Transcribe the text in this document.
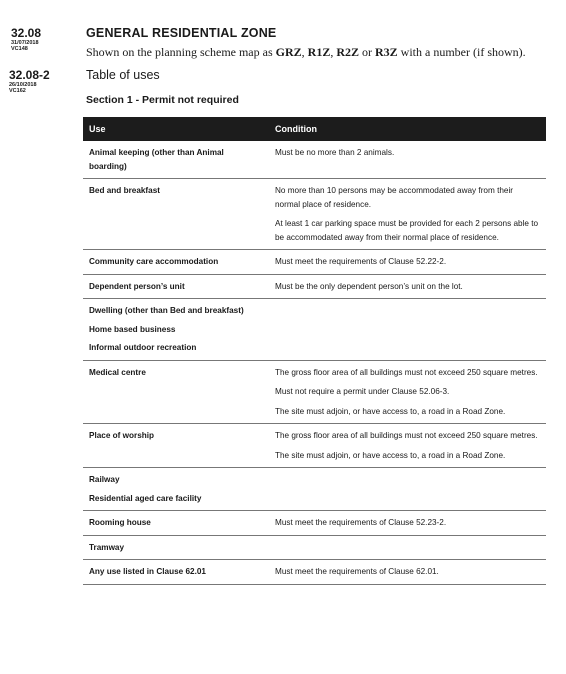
32.08
31/07/2018
VC148
32.08-2
26/10/2018
VC162
GENERAL RESIDENTIAL ZONE
Shown on the planning scheme map as GRZ, R1Z, R2Z or R3Z with a number (if shown).
Table of uses
Section 1 - Permit not required
Use	Condition
Animal keeping (other than Animal boarding)	Must be no more than 2 animals.

Bed and breakfast	No more than 10 persons may be accommodated away from their normal place of residence.

At least 1 car parking space must be provided for each 2 persons able to be accommodated away from their normal place of residence.

Community care accommodation	Must meet the requirements of Clause 52.22-2.

Dependent person’s unit	Must be the only dependent person’s unit on the lot.

Dwelling (other than Bed and breakfast)	
Home based business	
Informal outdoor recreation	
Medical centre	The gross floor area of all buildings must not exceed 250 square metres.

Must not require a permit under Clause 52.06-3.

The site must adjoin, or have access to, a road in a Road Zone.

Place of worship	The gross floor area of all buildings must not exceed 250 square metres.

The site must adjoin, or have access to, a road in a Road Zone.

Railway	
Residential aged care facility	
Rooming house	Must meet the requirements of Clause 52.23-2.

Tramway	
Any use listed in Clause 62.01	Must meet the requirements of Clause 62.01.
